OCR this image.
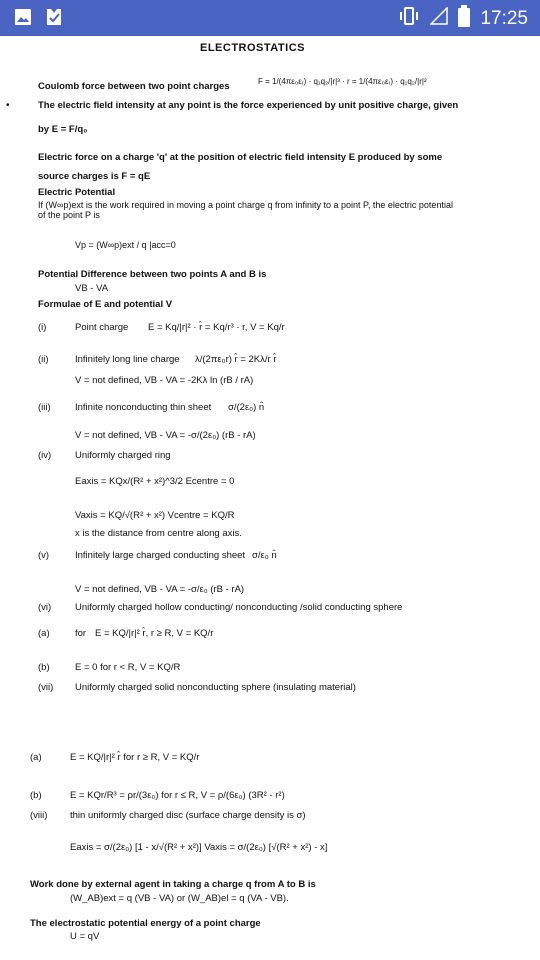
17:25
ELECTROSTATICS
Coulomb force between two point charges	F = 1/(4πε₀εᵣ) · q₁q₂/|r|³ · r = 1/(4πε₀εᵣ) · q₁q₂/|r|²
•	The electric field intensity at any point is the force experienced by unit positive charge, given
by E = F/q₀
Electric force on a charge 'q' at the position of electric field intensity E produced by some
source charges is F = qE
Electric Potential
If (W∞p)ext is the work required in moving a point charge q from infinity to a point P, the electric potential
of the point P is
Vp = (W∞p)ext / q |acc=0
Potential Difference between two points A and B is
VB - VA
Formulae of E and potential V
(i)	Point charge E = Kq/|r|² · r̂ = Kq/r³ · r, V = Kq/r
(ii)	Infinitely long line charge λ/(2πε₀r) r̂ = 2Kλ/r r̂
V = not defined, VB - VA = -2Kλ ln (rB / rA)
(iii)	Infinite nonconducting thin sheet σ/(2ε₀) n̂
V = not defined, VB - VA = -σ/(2ε₀) (rB - rA)
(iv)	Uniformly charged ring
Eaxis = KQx/(R² + x²)^3/2 Ecentre = 0
Vaxis = KQ/√(R² + x²) Vcentre = KQ/R
x is the distance from centre along axis.
(v)	Infinitely large charged conducting sheet σ/ε₀ n̂
V = not defined, VB - VA = -σ/ε₀ (rB - rA)
(vi)	Uniformly charged hollow conducting/ nonconducting /solid conducting sphere
(a)	for E = KQ/|r|² r̂, r ≥ R, V = KQ/r
(b)	E = 0 for r < R, V = KQ/R
(vii) Uniformly charged solid nonconducting sphere (insulating material)
(a)	E = KQ/|r|² r̂ for r ≥ R, V = KQ/r
(b)	E = KQr/R³ = ρr/(3ε₀) for r ≤ R, V = ρ/(6ε₀) (3R² - r²)
(viii) thin uniformly charged disc (surface charge density is σ)
Eaxis = σ/(2ε₀) [1 - x/√(R² + x²)] Vaxis = σ/(2ε₀) [√(R² + x²) - x]
Work done by external agent in taking a charge q from A to B is
(W_AB)ext = q (VB - VA) or (W_AB)el = q (VA - VB).
The electrostatic potential energy of a point charge
U = qV
